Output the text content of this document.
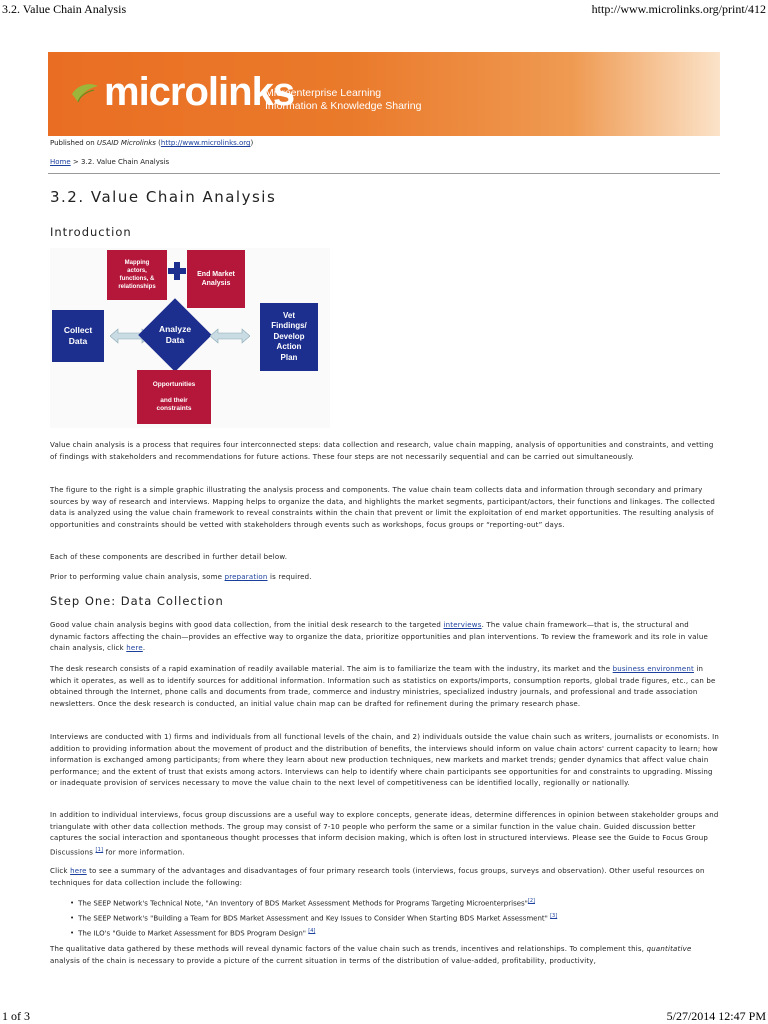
3.2. Value Chain Analysis	http://www.microlinks.org/print/412
microlinks
Microenterprise Learning
Information & Knowledge Sharing
Published on USAID Microlinks (http://www.microlinks.org)
Home > 3.2. Value Chain Analysis
3.2. Value Chain Analysis
Introduction
Mapping
actors,
functions, &
relationships
End Market
Analysis
Collect
Data
Analyze
Data
Vet
Findings/
Develop
Action
Plan
Opportunities

and their
constraints

Value chain analysis is a process that requires four interconnected steps: data collection and research, value chain mapping, analysis of opportunities and constraints, and vetting of findings with stakeholders and recommendations for future actions. These four steps are not necessarily sequential and can be carried out simultaneously.

The figure to the right is a simple graphic illustrating the analysis process and components. The value chain team collects data and information through secondary and primary sources by way of research and interviews. Mapping helps to organize the data, and highlights the market segments, participant/actors, their functions and linkages. The collected data is analyzed using the value chain framework to reveal constraints within the chain that prevent or limit the exploitation of end market opportunities. The resulting analysis of opportunities and constraints should be vetted with stakeholders through events such as workshops, focus groups or “reporting-out” days.

Each of these components are described in further detail below.

Prior to performing value chain analysis, some preparation is required.

Step One: Data Collection

Good value chain analysis begins with good data collection, from the initial desk research to the targeted interviews. The value chain framework—that is, the structural and dynamic factors affecting the chain—provides an effective way to organize the data, prioritize opportunities and plan interventions. To review the framework and its role in value chain analysis, click here.

The desk research consists of a rapid examination of readily available material. The aim is to familiarize the team with the industry, its market and the business environment in which it operates, as well as to identify sources for additional information. Information such as statistics on exports/imports, consumption reports, global trade figures, etc., can be obtained through the Internet, phone calls and documents from trade, commerce and industry ministries, specialized industry journals, and professional and trade association newsletters. Once the desk research is conducted, an initial value chain map can be drafted for refinement during the primary research phase.

Interviews are conducted with 1) firms and individuals from all functional levels of the chain, and 2) individuals outside the value chain such as writers, journalists or economists. In addition to providing information about the movement of product and the distribution of benefits, the interviews should inform on value chain actors' current capacity to learn; how information is exchanged among participants; from where they learn about new production techniques, new markets and market trends; gender dynamics that affect value chain performance; and the extent of trust that exists among actors. Interviews can help to identify where chain participants see opportunities for and constraints to upgrading. Missing or inadequate provision of services necessary to move the value chain to the next level of competitiveness can be identified locally, regionally or nationally.

In addition to individual interviews, focus group discussions are a useful way to explore concepts, generate ideas, determine differences in opinion between stakeholder groups and triangulate with other data collection methods. The group may consist of 7-10 people who perform the same or a similar function in the value chain. Guided discussion better captures the social interaction and spontaneous thought processes that inform decision making, which is often lost in structured interviews. Please see the Guide to Focus Group Discussions [1] for more information.

Click here to see a summary of the advantages and disadvantages of four primary research tools (interviews, focus groups, surveys and observation). Other useful resources on techniques for data collection include the following:

• The SEEP Network's Technical Note, "An Inventory of BDS Market Assessment Methods for Programs Targeting Microenterprises"[2]
• The SEEP Network's "Building a Team for BDS Market Assessment and Key Issues to Consider When Starting BDS Market Assessment" [3]
• The ILO's "Guide to Market Assessment for BDS Program Design" [4]

The qualitative data gathered by these methods will reveal dynamic factors of the value chain such as trends, incentives and relationships. To complement this, quantitative analysis of the chain is necessary to provide a picture of the current situation in terms of the distribution of value-added, profitability, productivity,

1 of 3	5/27/2014 12:47 PM
